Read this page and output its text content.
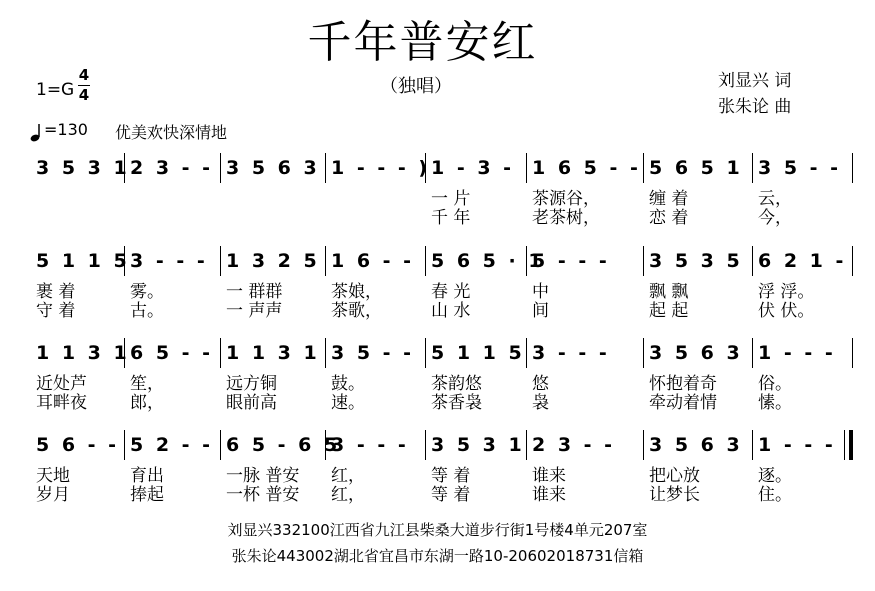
千年普安红
（独唱）	刘显兴 词
张朱论 曲
1=G
4
4
=130 优美欢快深情地
3 5 3 1 2 3 - - 3 5 6 3 1 - - - ) 1 - 3 -
一 片
千 年
1 6 5 - -
茶源谷，
老茶树，
5 6 5 1
缠 着
恋 着
3 5 - -
云，
今，
5 1 1 5
裹 着
守 着
3 - - -
雾。
古。
1 3 2 5
一 群群
一 声声
1 6 - -
茶娘，
茶歌，
5 6 5 · 1
春 光
山 水
5 - - -
中
间
3 5 3 5
飘 飘
起 起
6 2 1 -
浮 浮。
伏 伏。
1 1 3 1
近处芦
耳畔夜
6 5 - -
笙，
郎，
1 1 3 1
远方铜
眼前高
3 5 - -
鼓。
速。
5 1 1 5
茶韵悠
茶香袅
3 - - -
悠
袅
3 5 6 3
怀抱着奇
牵动着情
1 - - -
俗。
愫。
5 6 - -
天地
岁月
5 2 - -
育出
捧起
6 5 - 6 5
一脉 普安
一杯 普安
3 - - -
红，
红，
3 5 3 1
等 着
等 着
2 3 - -
谁来
谁来
3 5 6 3
把心放
让梦长
1 - - -
逐。
住。
刘显兴332100江西省九江县柴桑大道步行街1号楼4单元207室
张朱论443002湖北省宜昌市东湖一路10-20602018731信箱
